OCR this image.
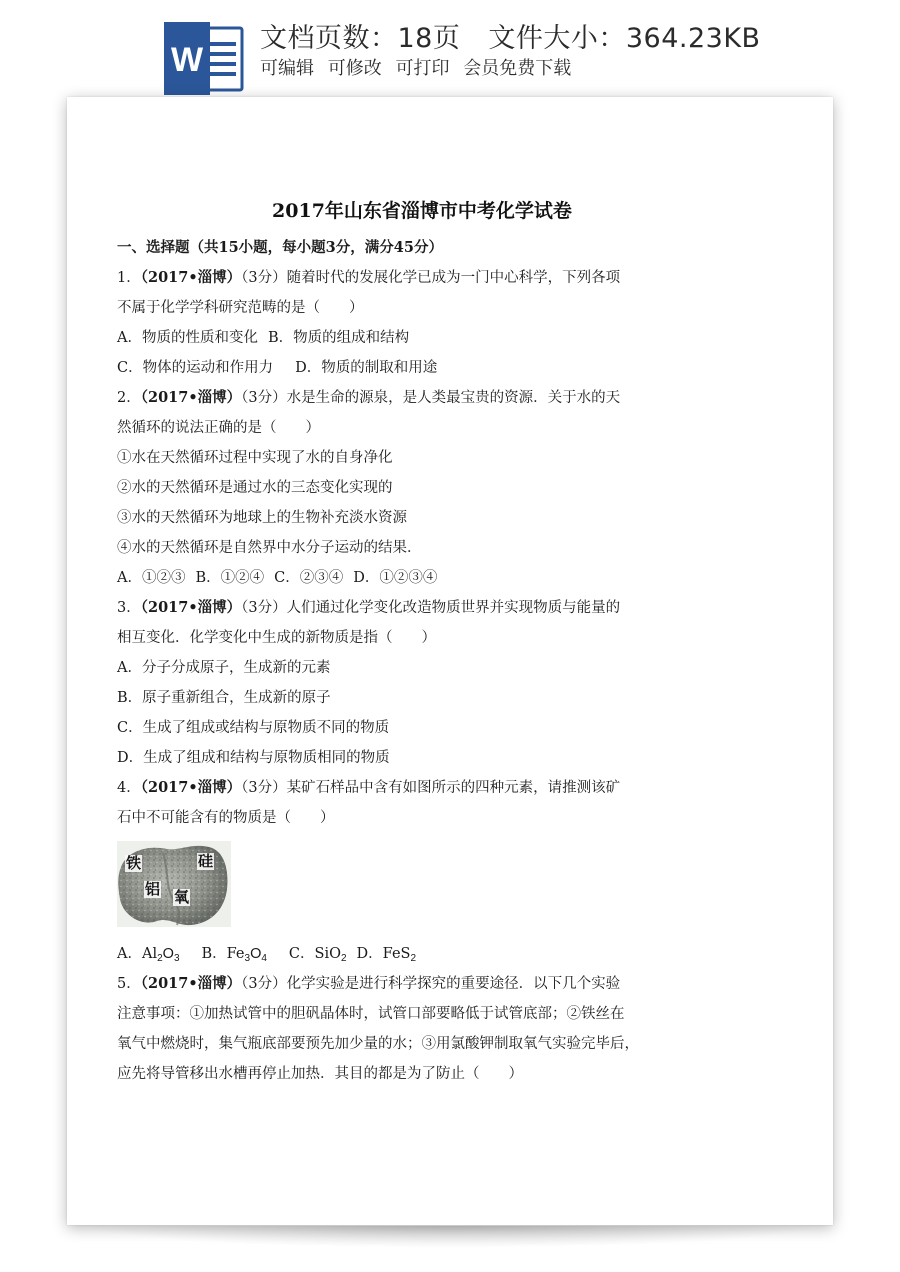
W
文档页数：18页 文件大小：364.23KB
可编辑 可修改 可打印 会员免费下载
2017年山东省淄博市中考化学试卷
一、选择题（共15小题，每小题3分，满分45分）
1．（2017•淄博）（3分）随着时代的发展化学已成为一门中心科学，下列各项
不属于化学学科研究范畴的是（　　）
A．物质的性质和变化 B．物质的组成和结构
C．物体的运动和作用力 D．物质的制取和用途
2．（2017•淄博）（3分）水是生命的源泉，是人类最宝贵的资源．关于水的天
然循环的说法正确的是（　　）
①水在天然循环过程中实现了水的自身净化
②水的天然循环是通过水的三态变化实现的
③水的天然循环为地球上的生物补充淡水资源
④水的天然循环是自然界中水分子运动的结果．
A．①②③ B．①②④ C．②③④ D．①②③④
3．（2017•淄博）（3分）人们通过化学变化改造物质世界并实现物质与能量的
相互变化．化学变化中生成的新物质是指（　　）
A．分子分成原子，生成新的元素
B．原子重新组合，生成新的原子
C．生成了组成或结构与原物质不同的物质
D．生成了组成和结构与原物质相同的物质
4．（2017•淄博）（3分）某矿石样品中含有如图所示的四种元素，请推测该矿
石中不可能含有的物质是（　　）
铁	硅
铝 氧
A．$Al_2O_3$ B．$Fe_3O_4$ C．SiO$_2$ D．FeS$_2$
5．（2017•淄博）（3分）化学实验是进行科学探究的重要途径．以下几个实验
注意事项：①加热试管中的胆矾晶体时，试管口部要略低于试管底部；②铁丝在
氧气中燃烧时，集气瓶底部要预先加少量的水；③用氯酸钾制取氧气实验完毕后，
应先将导管移出水槽再停止加热．其目的都是为了防止（　　）
